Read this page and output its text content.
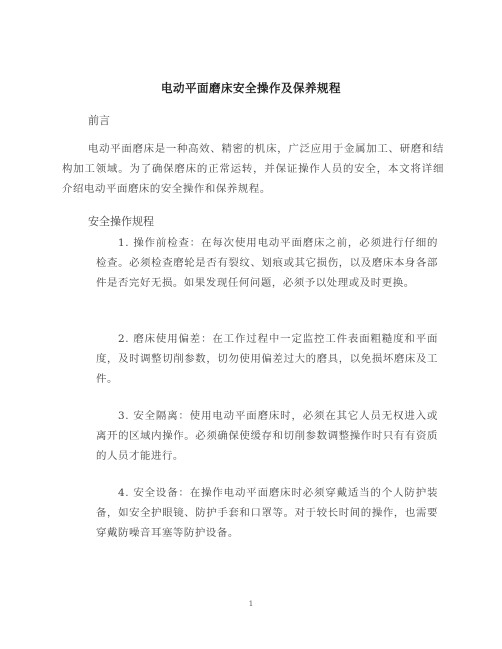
电动平面磨床安全操作及保养规程
前言
电动平面磨床是一种高效、精密的机床，广泛应用于金属加工、研磨和结构加工领域。为了确保磨床的正常运转，并保证操作人员的安全，本文将详细介绍电动平面磨床的安全操作和保养规程。
安全操作规程
1. 操作前检查：在每次使用电动平面磨床之前，必须进行仔细的检查。必须检查磨轮是否有裂纹、划痕或其它损伤，以及磨床本身各部件是否完好无损。如果发现任何问题，必须予以处理或及时更换。
2. 磨床使用偏差：在工作过程中一定监控工件表面粗糙度和平面度，及时调整切削参数，切勿使用偏差过大的磨具，以免损坏磨床及工件。
3. 安全隔离：使用电动平面磨床时，必须在其它人员无权进入或离开的区域内操作。必须确保使缓存和切削参数调整操作时只有有资质的人员才能进行。
4. 安全设备：在操作电动平面磨床时必须穿戴适当的个人防护装备，如安全护眼镜、防护手套和口罩等。对于较长时间的操作，也需要穿戴防噪音耳塞等防护设备。
1
